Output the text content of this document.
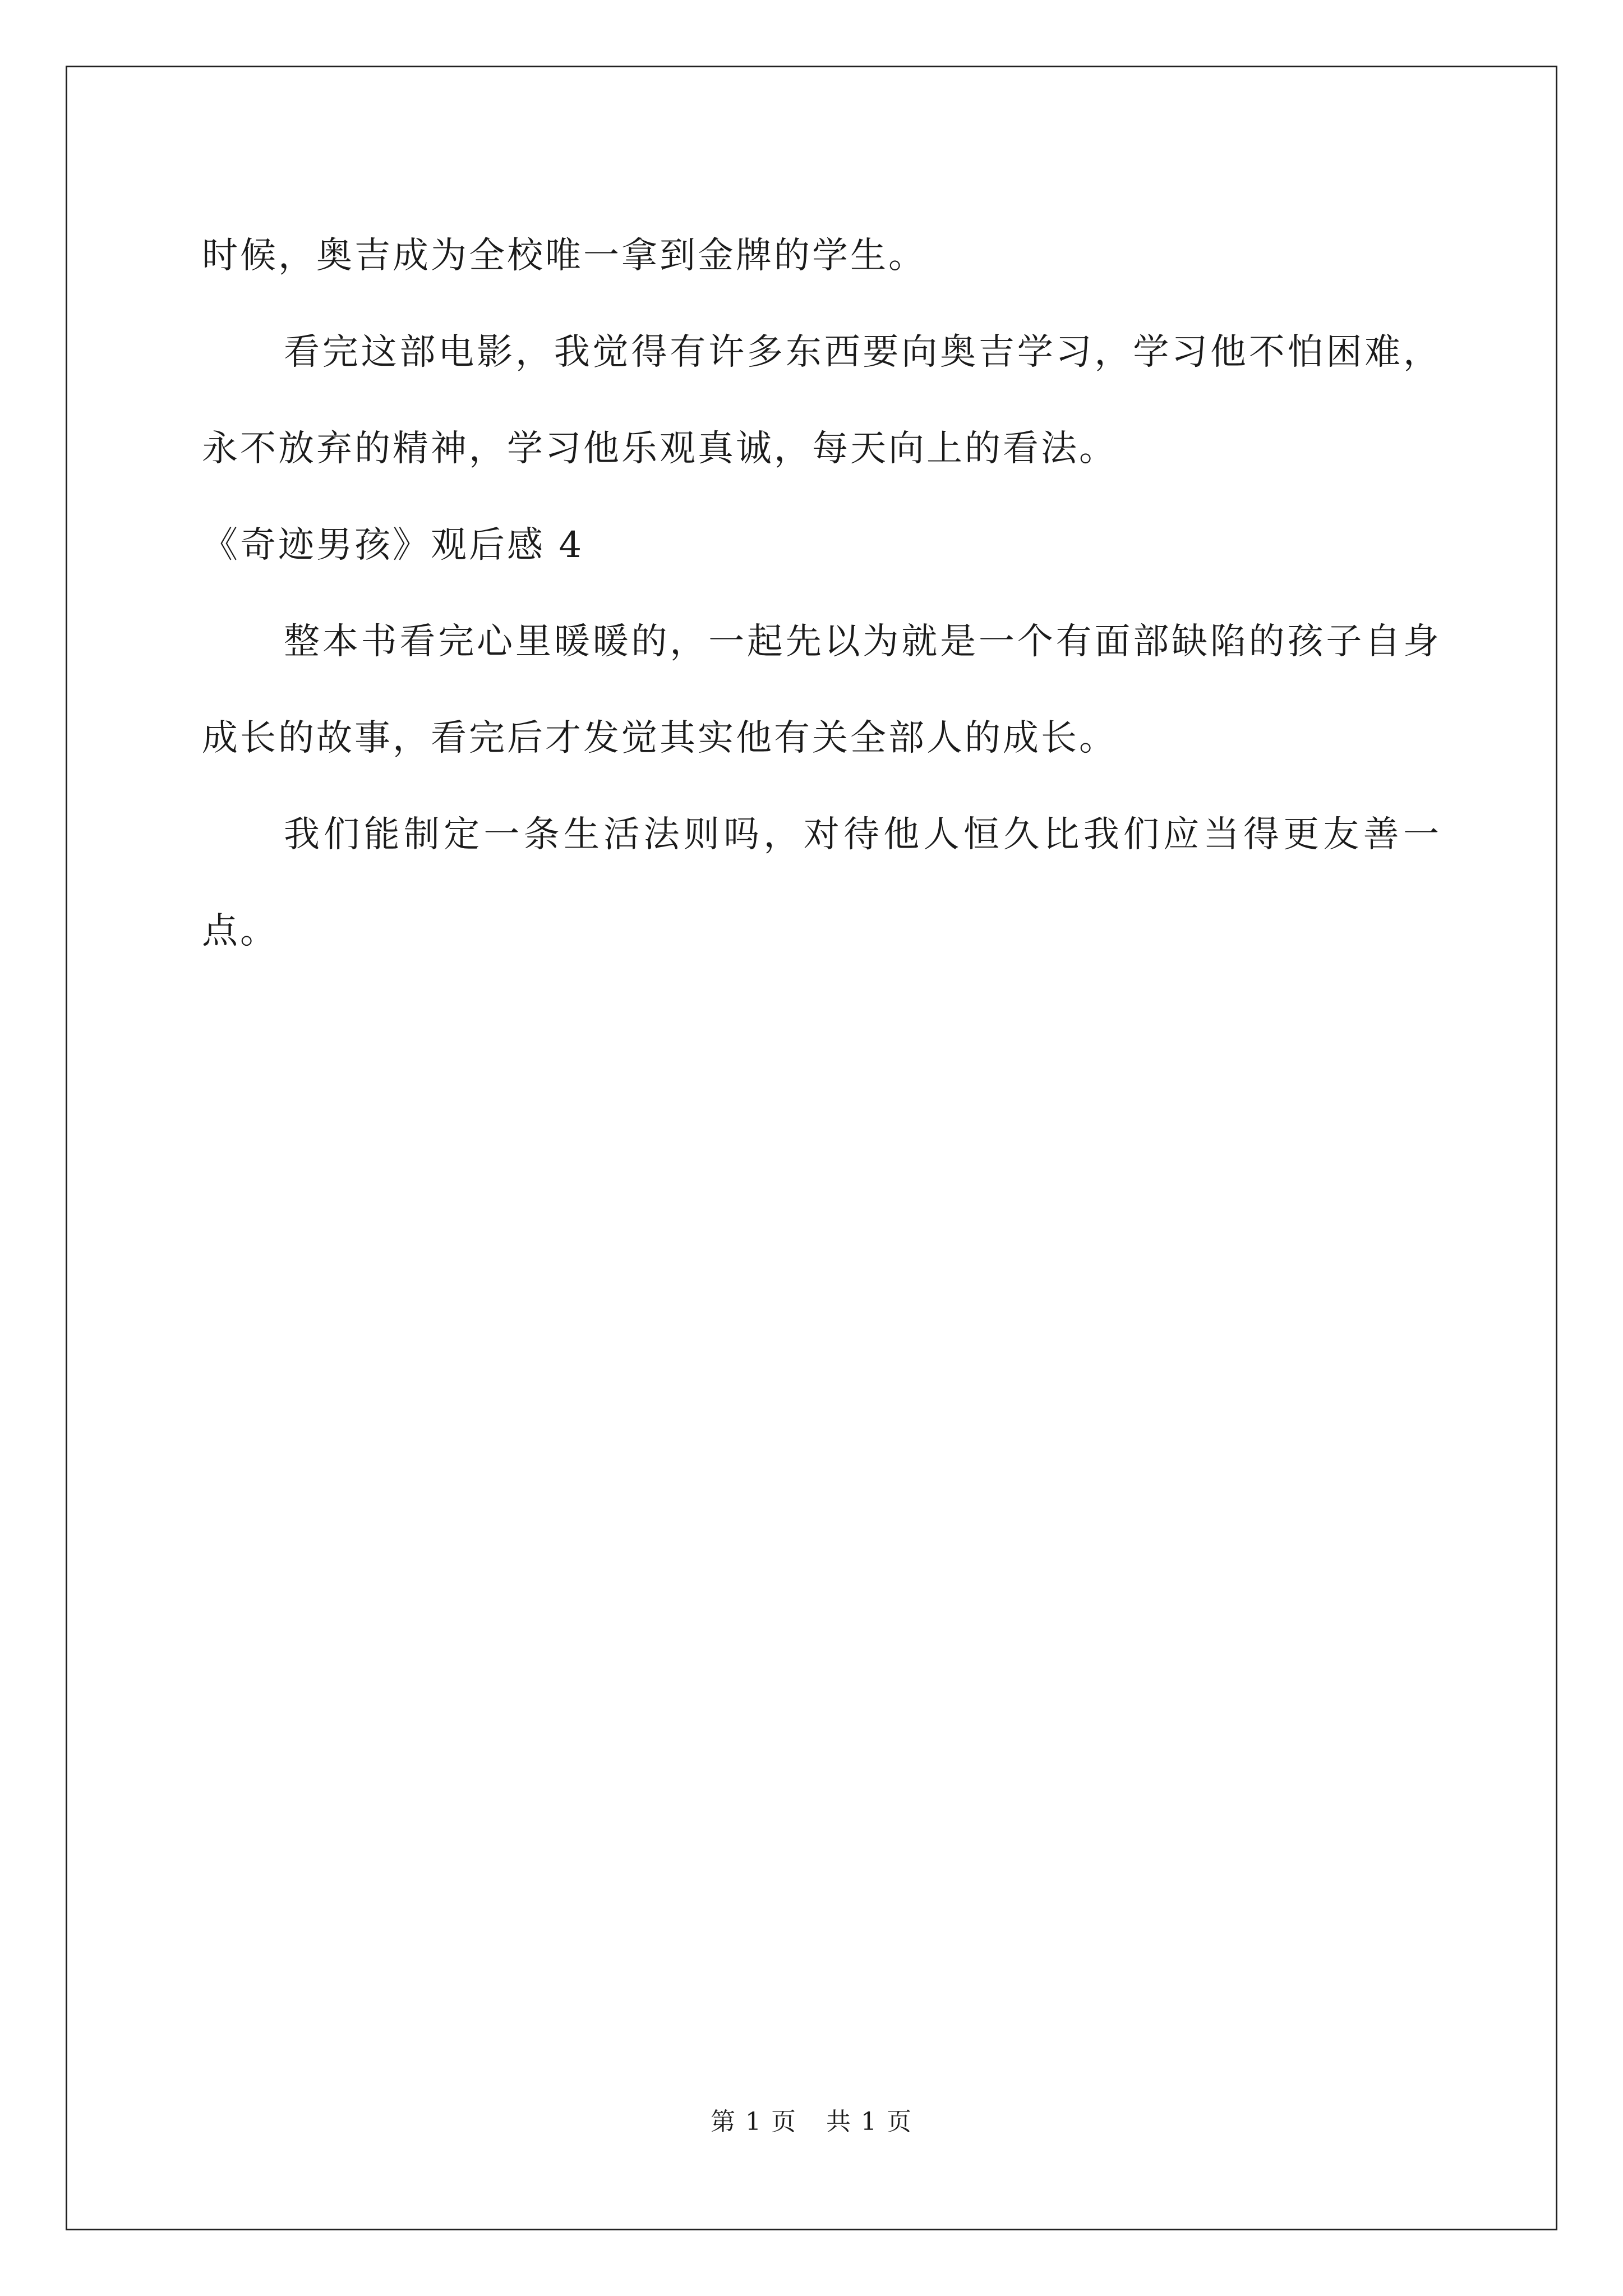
时候，奥吉成为全校唯一拿到金牌的学生。

看完这部电影，我觉得有许多东西要向奥吉学习，学习他不怕困难，永不放弃的精神，学习他乐观真诚，每天向上的看法。

《奇迹男孩》观后感 4

整本书看完心里暖暖的，一起先以为就是一个有面部缺陷的孩子自身成长的故事，看完后才发觉其实他有关全部人的成长。

我们能制定一条生活法则吗，对待他人恒久比我们应当得更友善一点。

第 1 页 共 1 页
